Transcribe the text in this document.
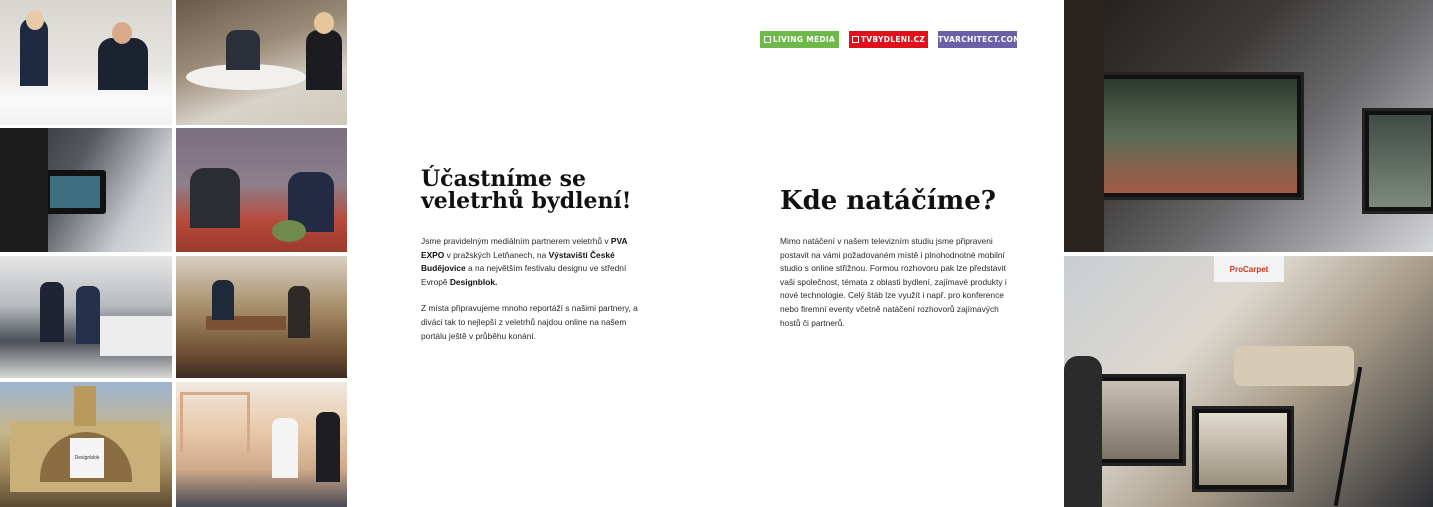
Designblok
LIVING MEDIA	TVBYDLENI.CZ TVARCHITECT.COM
Účastníme se
veletrhů bydlení!

Jsme pravidelným mediálním partnerem veletrhů v PVA EXPO v pražských Letňanech, na Výstavišti České Budějovice a na největším festivalu designu ve střední Evropě Designblok.

Z místa připravujeme mnoho reportáží s našimi partnery, a diváci tak to nejlepší z veletrhů najdou online na našem portálu ještě v průběhu konání.

Kde natáčíme?

Mimo natáčení v našem televizním studiu jsme připraveni postavit na vámi požadovaném místě i plnohodnotné mobilní studio s online střižnou. Formou rozhovoru pak lze představit vaši společnost, témata z oblasti bydlení, zajímavé produkty i nové technologie. Celý štáb lze využít i např. pro konference nebo firemní eventy včetně natáčení rozhovorů zajímavých hostů či partnerů.

ProCarpet
